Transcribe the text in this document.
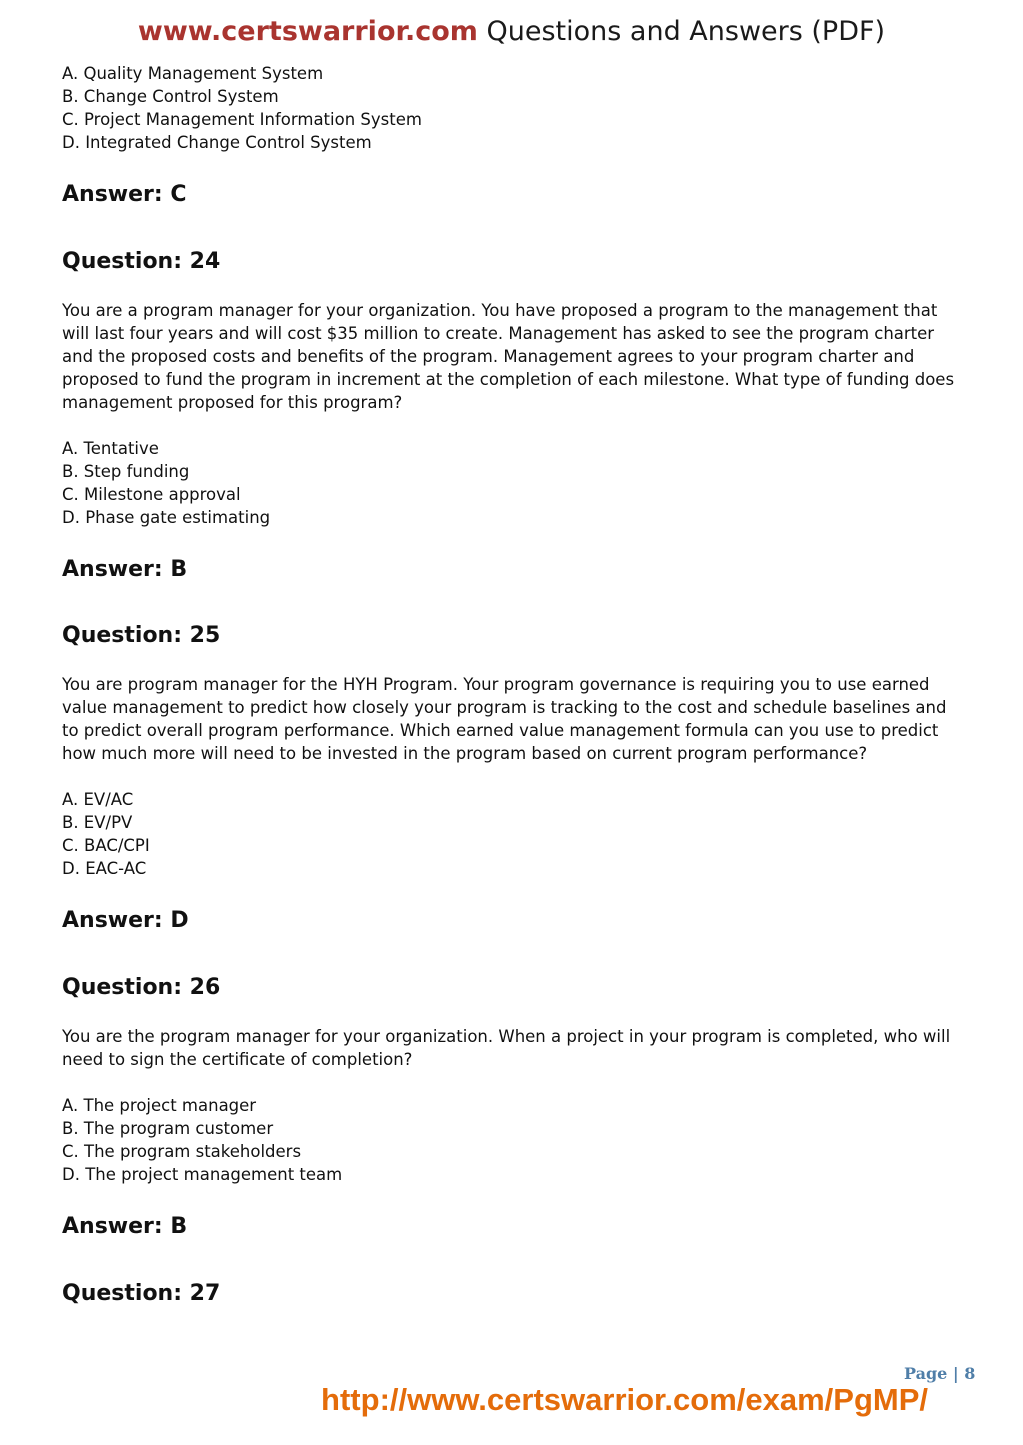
www.certswarrior.com Questions and Answers (PDF)

A. Quality Management System

B. Change Control System

C. Project Management Information System

D. Integrated Change Control System

Answer: C
Question: 24

You are a program manager for your organization. You have proposed a program to the management that will last four years and will cost $35 million to create. Management has asked to see the program charter and the proposed costs and benefits of the program. Management agrees to your program charter and proposed to fund the program in increment at the completion of each milestone. What type of funding does management proposed for this program?

A. Tentative

B. Step funding

C. Milestone approval

D. Phase gate estimating

Answer: B
Question: 25

You are program manager for the HYH Program. Your program governance is requiring you to use earned value management to predict how closely your program is tracking to the cost and schedule baselines and to predict overall program performance. Which earned value management formula can you use to predict how much more will need to be invested in the program based on current program performance?

A. EV/AC

B. EV/PV

C. BAC/CPI

D. EAC-AC

Answer: D
Question: 26

You are the program manager for your organization. When a project in your program is completed, who will need to sign the certificate of completion?

A. The project manager

B. The program customer

C. The program stakeholders

D. The project management team

Answer: B
Question: 27
Page | 8
http://www.certswarrior.com/exam/PgMP/
